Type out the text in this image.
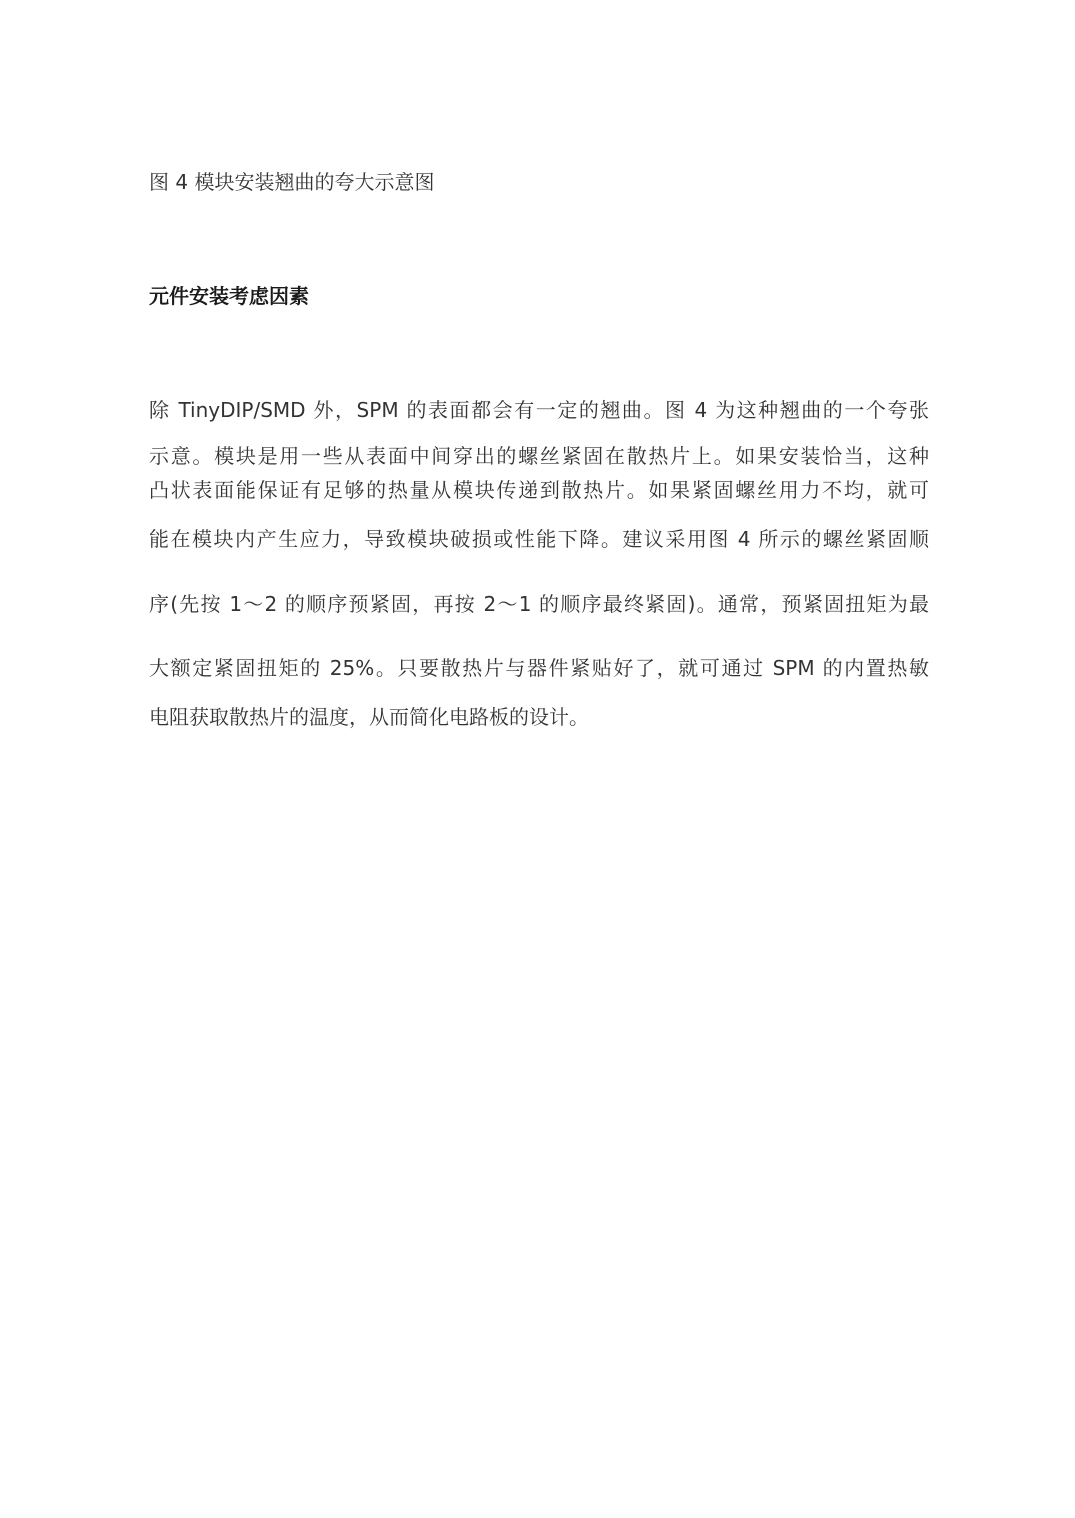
图 4 模块安装翘曲的夸大示意图
元件安装考虑因素
除 TinyDIP/SMD 外，SPM 的表面都会有一定的翘曲。图 4 为这种翘曲的一个夸张
示意。模块是用一些从表面中间穿出的螺丝紧固在散热片上。如果安装恰当，这种
凸状表面能保证有足够的热量从模块传递到散热片。如果紧固螺丝用力不均，就可
能在模块内产生应力，导致模块破损或性能下降。建议采用图 4 所示的螺丝紧固顺
序(先按 1～2 的顺序预紧固，再按 2～1 的顺序最终紧固)。通常，预紧固扭矩为最
大额定紧固扭矩的 25%。只要散热片与器件紧贴好了，就可通过 SPM 的内置热敏
电阻获取散热片的温度，从而简化电路板的设计。
